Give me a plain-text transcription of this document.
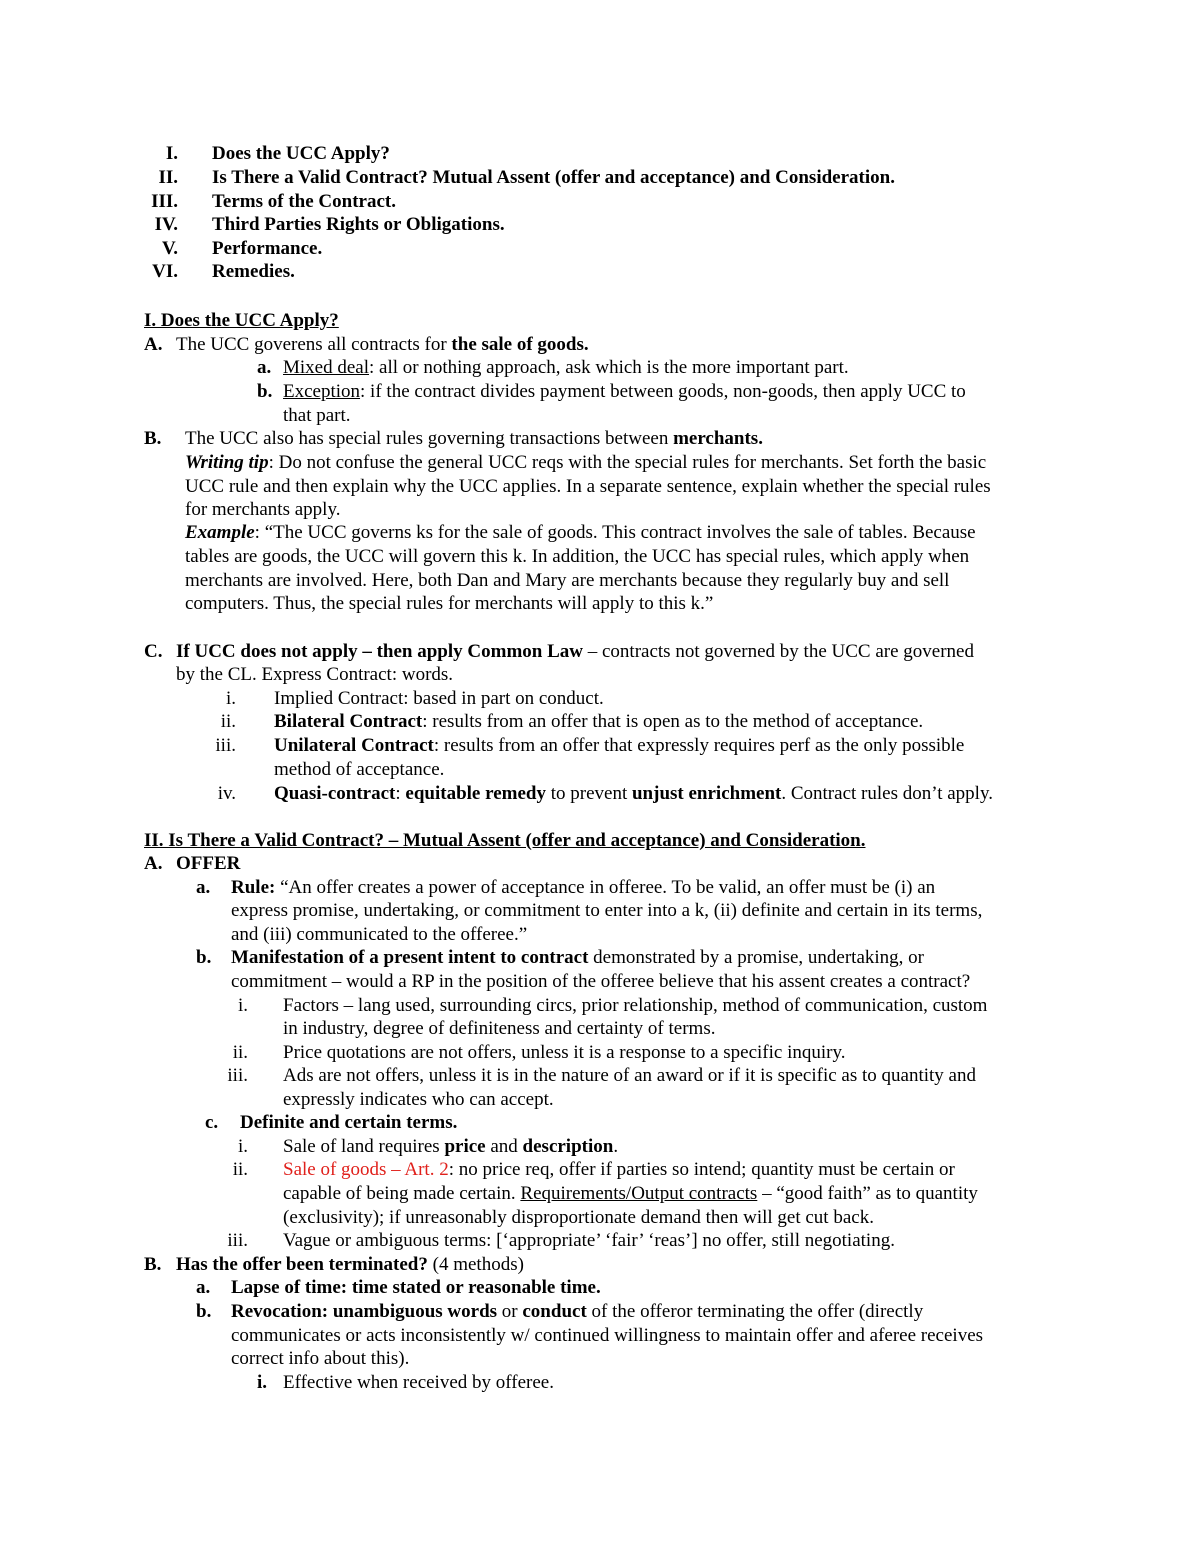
I. Does the UCC Apply?
II. Is There a Valid Contract? Mutual Assent (offer and acceptance) and Consideration.
III. Terms of the Contract.
IV. Third Parties Rights or Obligations.
V. Performance.
VI. Remedies.
I. Does the UCC Apply?
A. The UCC goverens all contracts for the sale of goods.
a. Mixed deal: all or nothing approach, ask which is the more important part.
b. Exception: if the contract divides payment between goods, non-goods, then apply UCC to
that part.
B. The UCC also has special rules governing transactions between merchants.
Writing tip: Do not confuse the general UCC reqs with the special rules for merchants. Set forth the basic
UCC rule and then explain why the UCC applies. In a separate sentence, explain whether the special rules
for merchants apply.
Example: “The UCC governs ks for the sale of goods. This contract involves the sale of tables. Because
tables are goods, the UCC will govern this k. In addition, the UCC has special rules, which apply when
merchants are involved. Here, both Dan and Mary are merchants because they regularly buy and sell
computers. Thus, the special rules for merchants will apply to this k.”
C. If UCC does not apply – then apply Common Law – contracts not governed by the UCC are governed
by the CL. Express Contract: words.
i. Implied Contract: based in part on conduct.
ii. Bilateral Contract: results from an offer that is open as to the method of acceptance.
iii. Unilateral Contract: results from an offer that expressly requires perf as the only possible
method of acceptance.
iv. Quasi-contract: equitable remedy to prevent unjust enrichment. Contract rules don’t apply.
II. Is There a Valid Contract? – Mutual Assent (offer and acceptance) and Consideration.
A. OFFER
a. Rule: “An offer creates a power of acceptance in offeree. To be valid, an offer must be (i) an
express promise, undertaking, or commitment to enter into a k, (ii) definite and certain in its terms,
and (iii) communicated to the offeree.”
b. Manifestation of a present intent to contract demonstrated by a promise, undertaking, or
commitment – would a RP in the position of the offeree believe that his assent creates a contract?
i. Factors – lang used, surrounding circs, prior relationship, method of communication, custom
in industry, degree of definiteness and certainty of terms.
ii. Price quotations are not offers, unless it is a response to a specific inquiry.
iii. Ads are not offers, unless it is in the nature of an award or if it is specific as to quantity and
expressly indicates who can accept.
c. Definite and certain terms.
i. Sale of land requires price and description.
ii. Sale of goods – Art. 2: no price req, offer if parties so intend; quantity must be certain or
capable of being made certain. Requirements/Output contracts – “good faith” as to quantity
(exclusivity); if unreasonably disproportionate demand then will get cut back.
iii. Vague or ambiguous terms: [‘appropriate’ ‘fair’ ‘reas’] no offer, still negotiating.
B. Has the offer been terminated? (4 methods)
a. Lapse of time: time stated or reasonable time.
b. Revocation: unambiguous words or conduct of the offeror terminating the offer (directly
communicates or acts inconsistently w/ continued willingness to maintain offer and aferee receives
correct info about this).
i. Effective when received by offeree.
